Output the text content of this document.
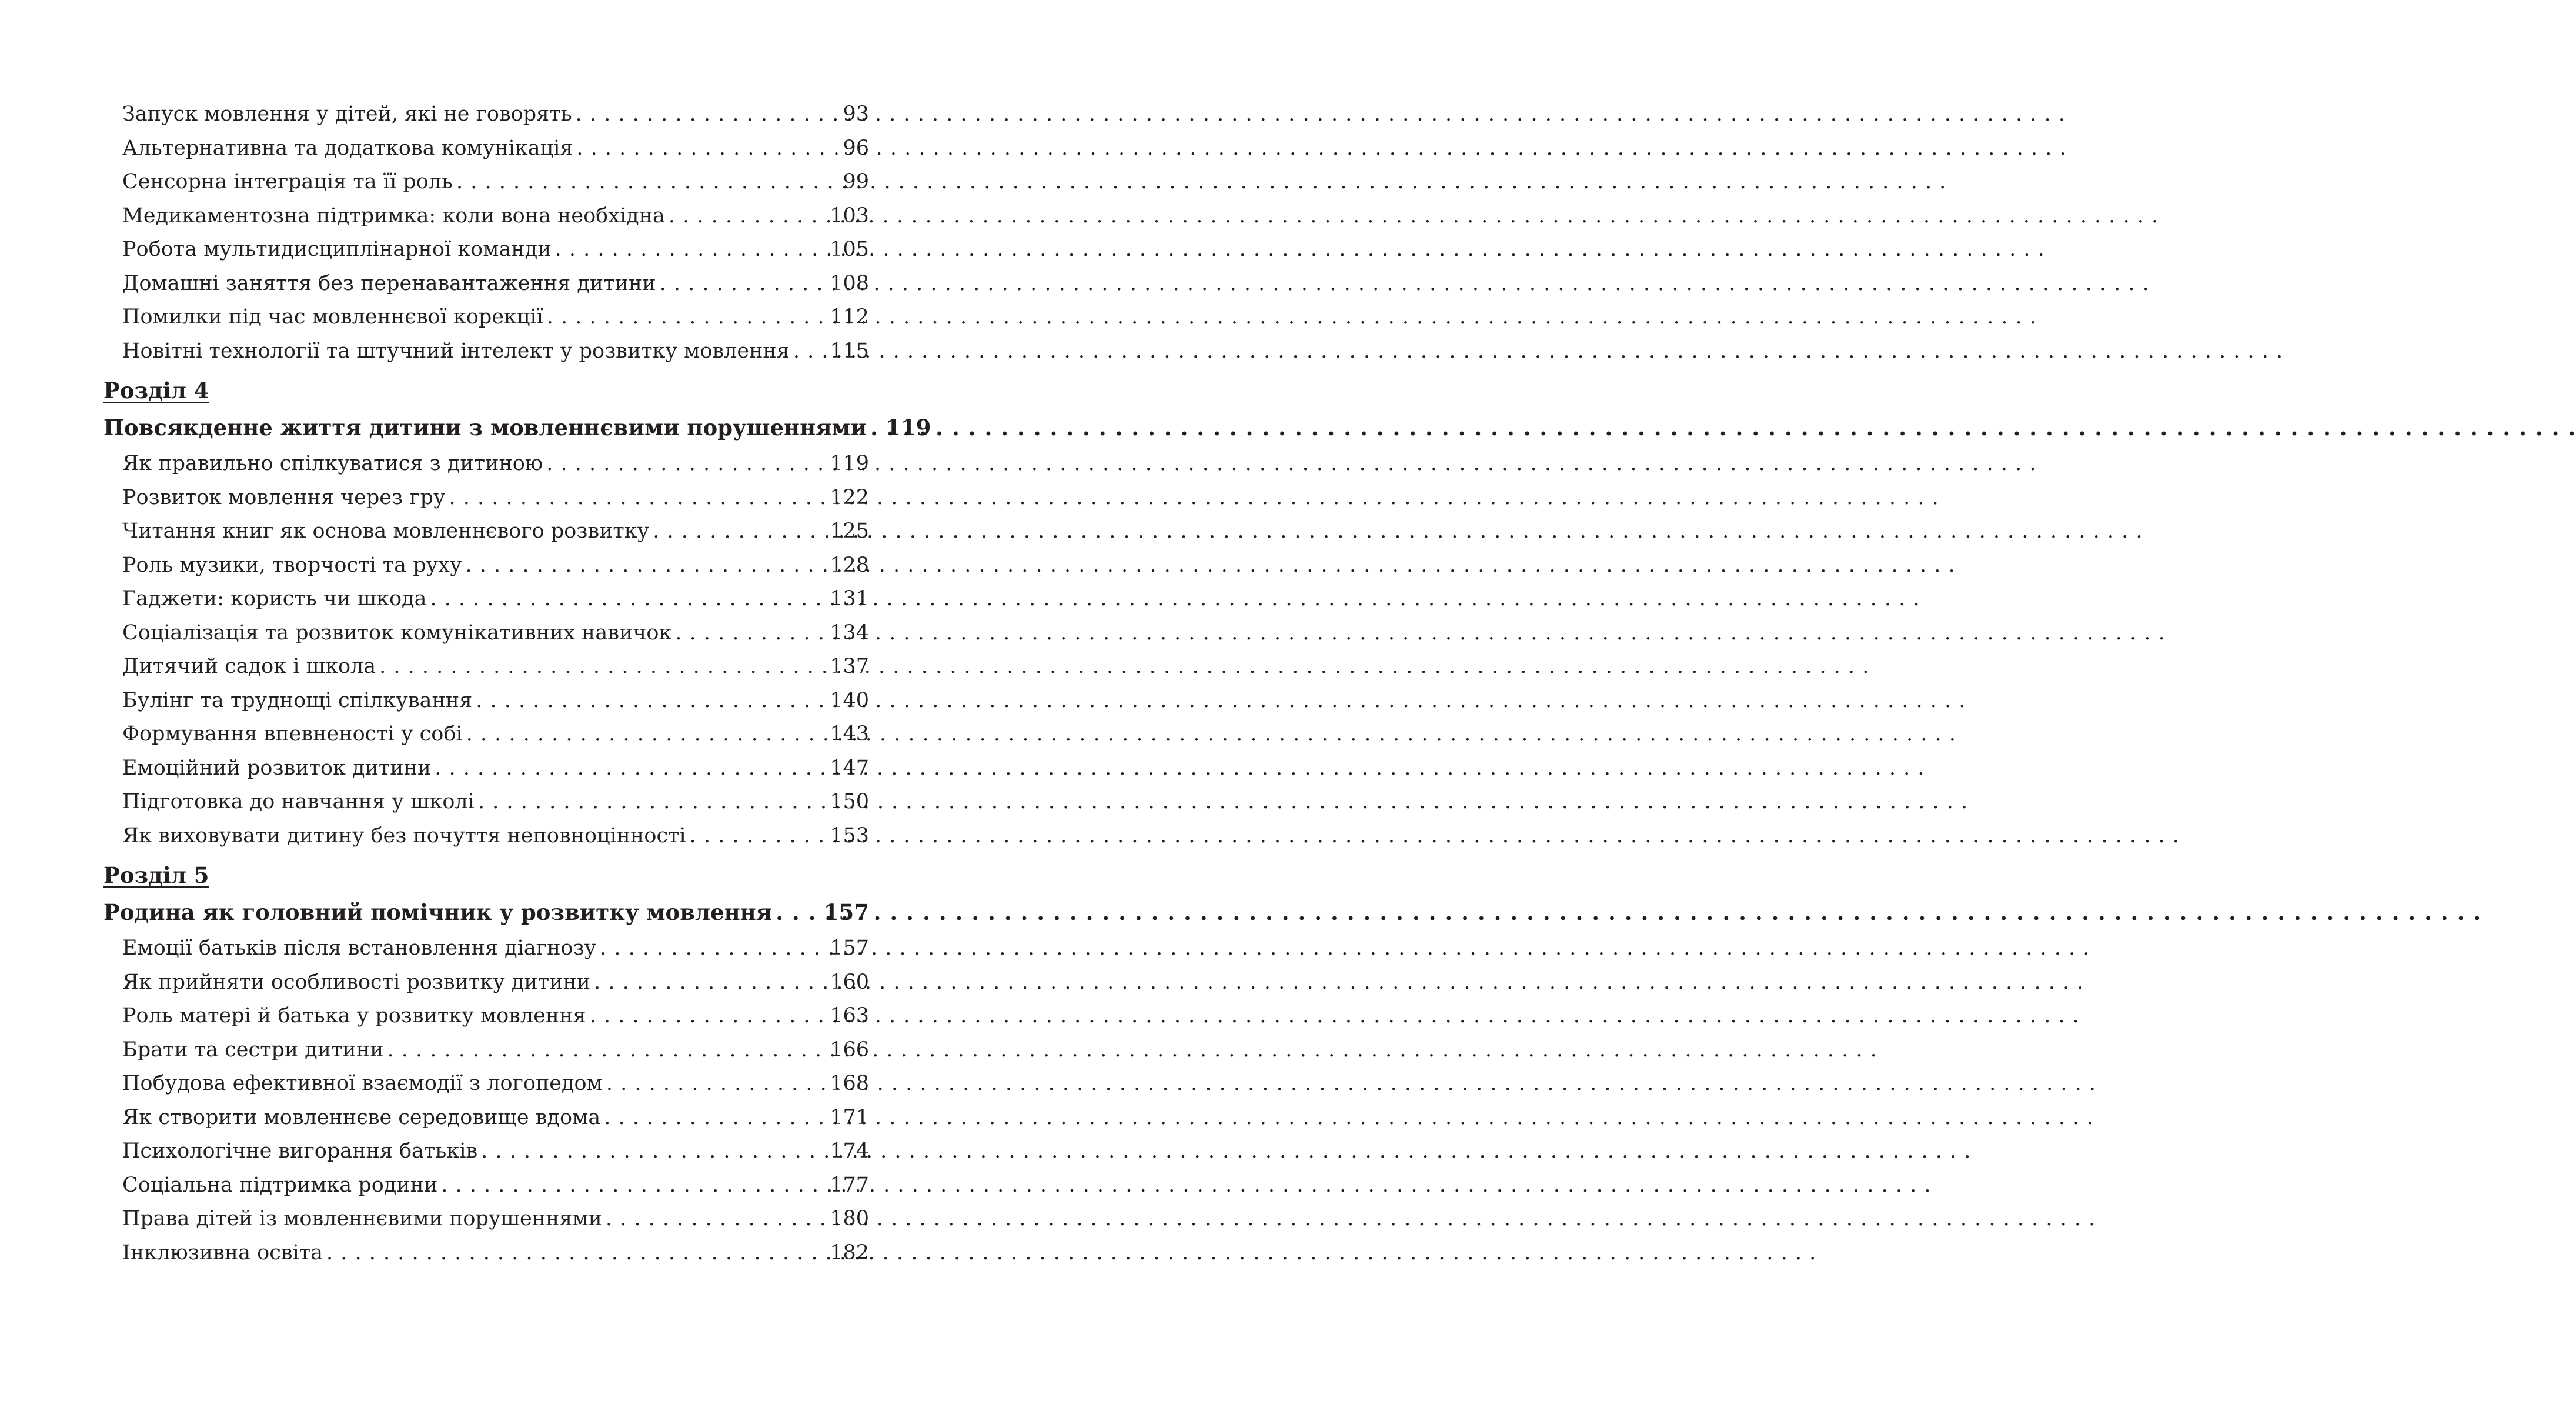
Запуск мовлення у дітей, які не говорять . . .	93
Альтернативна та додаткова комунікація . . .	96
Сенсорна інтеграція та її роль . . .	99
Медикаментозна підтримка: коли вона необхідна . . .	103
Робота мультидисциплінарної команди . . .	105
Домашні заняття без перенавантаження дитини . . .	108
Помилки під час мовленнєвої корекції . . .	112
Новітні технології та штучний інтелект у розвитку мовлення . . . 115
Розділ 4
Повсякденне життя дитини з мовленнєвими порушеннями . . . 119
Як правильно спілкуватися з дитиною . . .	119
Розвиток мовлення через гру . . .	122
Читання книг як основа мовленнєвого розвитку . . .	125
Роль музики, творчості та руху . . .	128
Гаджети: користь чи шкода . . .	131
Соціалізація та розвиток комунікативних навичок . . .	134
Дитячий садок і школа . . .	137
Булінг та труднощі спілкування . . .	140
Формування впевненості у собі . . .	143
Емоційний розвиток дитини . . .	147
Підготовка до навчання у школі . . .	150
Як виховувати дитину без почуття неповноцінності . . .	153
Розділ 5
Родина як головний помічник у розвитку мовлення . . . 157
Емоції батьків після встановлення діагнозу . . .	157
Як прийняти особливості розвитку дитини . . .	160
Роль матері й батька у розвитку мовлення . . .	163
Брати та сестри дитини . . .	166
Побудова ефективної взаємодії з логопедом . . .	168
Як створити мовленнєве середовище вдома . . .	171
Психологічне вигорання батьків . . .	174
Соціальна підтримка родини . . .	177
Права дітей із мовленнєвими порушеннями . . .	180
Інклюзивна освіта . . .	182
